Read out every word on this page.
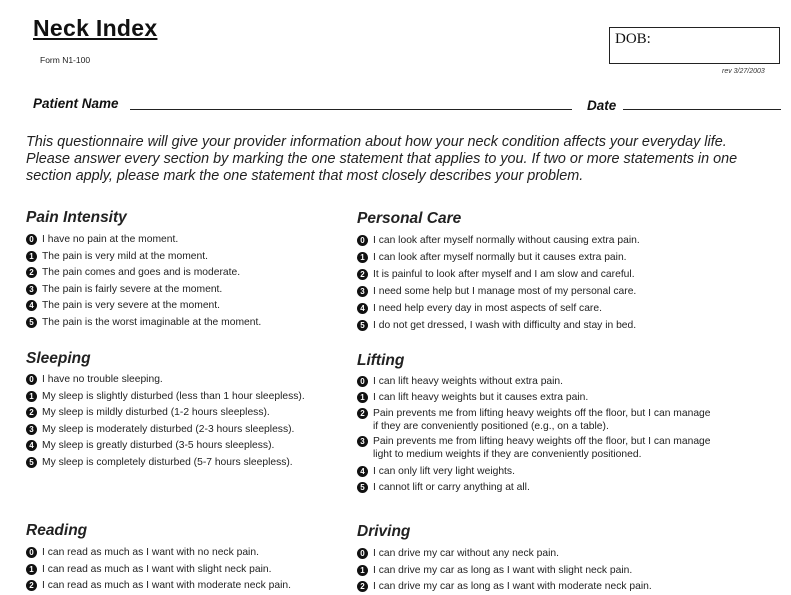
Neck Index
Form N1-100
DOB:
rev 3/27/2003
Patient Name	Date
This questionnaire will give your provider information about how your neck condition affects your everyday life.
Please answer every section by marking the one statement that applies to you. If two or more statements in one
section apply, please mark the one statement that most closely describes your problem.
Pain Intensity
0 I have no pain at the moment.
1 The pain is very mild at the moment.
2 The pain comes and goes and is moderate.
3 The pain is fairly severe at the moment.
4 The pain is very severe at the moment.
5 The pain is the worst imaginable at the moment.
Personal Care
0 I can look after myself normally without causing extra pain.
1 I can look after myself normally but it causes extra pain.
2 It is painful to look after myself and I am slow and careful.
3 I need some help but I manage most of my personal care.
4 I need help every day in most aspects of self care.
5 I do not get dressed, I wash with difficulty and stay in bed.
Sleeping
0 I have no trouble sleeping.
1 My sleep is slightly disturbed (less than 1 hour sleepless).
2 My sleep is mildly disturbed (1-2 hours sleepless).
3 My sleep is moderately disturbed (2-3 hours sleepless).
4 My sleep is greatly disturbed (3-5 hours sleepless).
5 My sleep is completely disturbed (5-7 hours sleepless).
Lifting
0 I can lift heavy weights without extra pain.
1 I can lift heavy weights but it causes extra pain.
2 Pain prevents me from lifting heavy weights off the floor, but I can manage
if they are conveniently positioned (e.g., on a table).
3 Pain prevents me from lifting heavy weights off the floor, but I can manage
light to medium weights if they are conveniently positioned.
4 I can only lift very light weights.
5 I cannot lift or carry anything at all.
Reading
0 I can read as much as I want with no neck pain.
1 I can read as much as I want with slight neck pain.
2 I can read as much as I want with moderate neck pain.
Driving
0 I can drive my car without any neck pain.
1 I can drive my car as long as I want with slight neck pain.
2 I can drive my car as long as I want with moderate neck pain.
